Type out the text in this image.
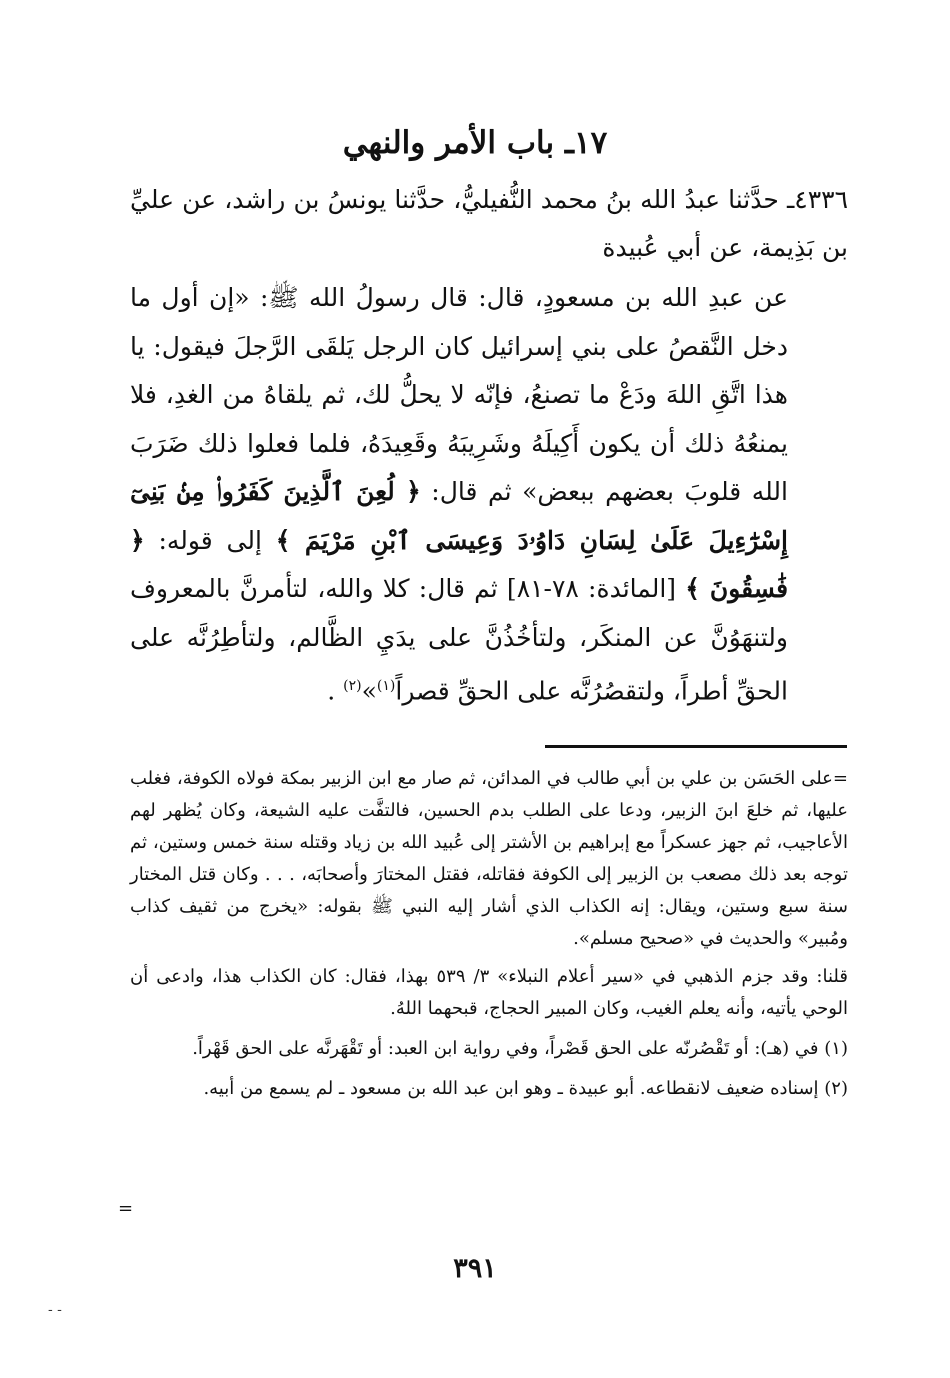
١٧ـ باب الأمر والنهي

٤٣٣٦ـ حدَّثنا عبدُ الله بنُ محمد النُّفيليُّ، حدَّثنا يونسُ بن راشد، عن عليِّ بن بَذِيمة، عن أبي عُبيدة

عن عبدِ الله بن مسعودٍ، قال: قال رسولُ الله ﷺ: «إن أول ما دخل النَّقصُ على بني إسرائيل كان الرجل يَلقَى الرَّجلَ فيقول: يا هذا اتَّقِ اللهَ ودَعْ ما تصنعُ، فإنّه لا يحلُّ لك، ثم يلقاهُ من الغدِ، فلا يمنعُهُ ذلك أن يكون أَكِيلَهُ وشَرِيبَهُ وقَعِيدَهُ، فلما فعلوا ذلك ضَرَبَ الله قلوبَ بعضهم ببعض» ثم قال: ﴿ لُعِنَ ٱلَّذِينَ كَفَرُوا۟ مِنۢ بَنِىٓ إِسْرَٰٓءِيلَ عَلَىٰ لِسَانِ دَاوُۥدَ وَعِيسَى ٱبْنِ مَرْيَمَ ﴾ إلى قوله: ﴿ فَٰسِقُونَ ﴾ [المائدة: ٧٨-٨١] ثم قال: كلا والله، لتأمرنَّ بالمعروف ولتنهَوُنَّ عن المنكَر، ولتأخُذُنَّ على يدَيِ الظَّالم، ولتأطِرُنَّه على الحقِّ أطراً، ولتقصُرُنَّه على الحقِّ قصراً$^{(١)}$»$^{(٢)}$ .

=على الحَسَن بن علي بن أبي طالب في المدائن، ثم صار مع ابن الزبير بمكة فولاه الكوفة، فغلب عليها، ثم خلعَ ابنَ الزبير، ودعا على الطلب بدم الحسين، فالتفَّت عليه الشيعة، وكان يُظهر لهم الأعاجيب، ثم جهز عسكراً مع إبراهيم بن الأشتر إلى عُبيد الله بن زياد وقتله سنة خمس وستين، ثم توجه بعد ذلك مصعب بن الزبير إلى الكوفة فقاتله، فقتل المختارَ وأصحابَه، . . . وكان قتل المختار سنة سبع وستين، ويقال: إنه الكذاب الذي أشار إليه النبي ﷺ بقوله: «يخرج من ثقيف كذاب ومُبير» والحديث في «صحيح مسلم».

قلنا: وقد جزم الذهبي في «سير أعلام النبلاء» ٣/ ٥٣٩ بهذا، فقال: كان الكذاب هذا، وادعى أن الوحي يأتيه، وأنه يعلم الغيب، وكان المبير الحجاج، قبحهما اللهُ.

(١) في (هـ): أو تَقْصُرنّه على الحق قَصْراً، وفي رواية ابن العبد: أو تَقْهَرنَّه على الحق قَهْراً.

(٢) إسناده ضعيف لانقطاعه. أبو عبيدة ـ وهو ابن عبد الله بن مسعود ـ لم يسمع من أبيه.

=
٣٩١
- -
